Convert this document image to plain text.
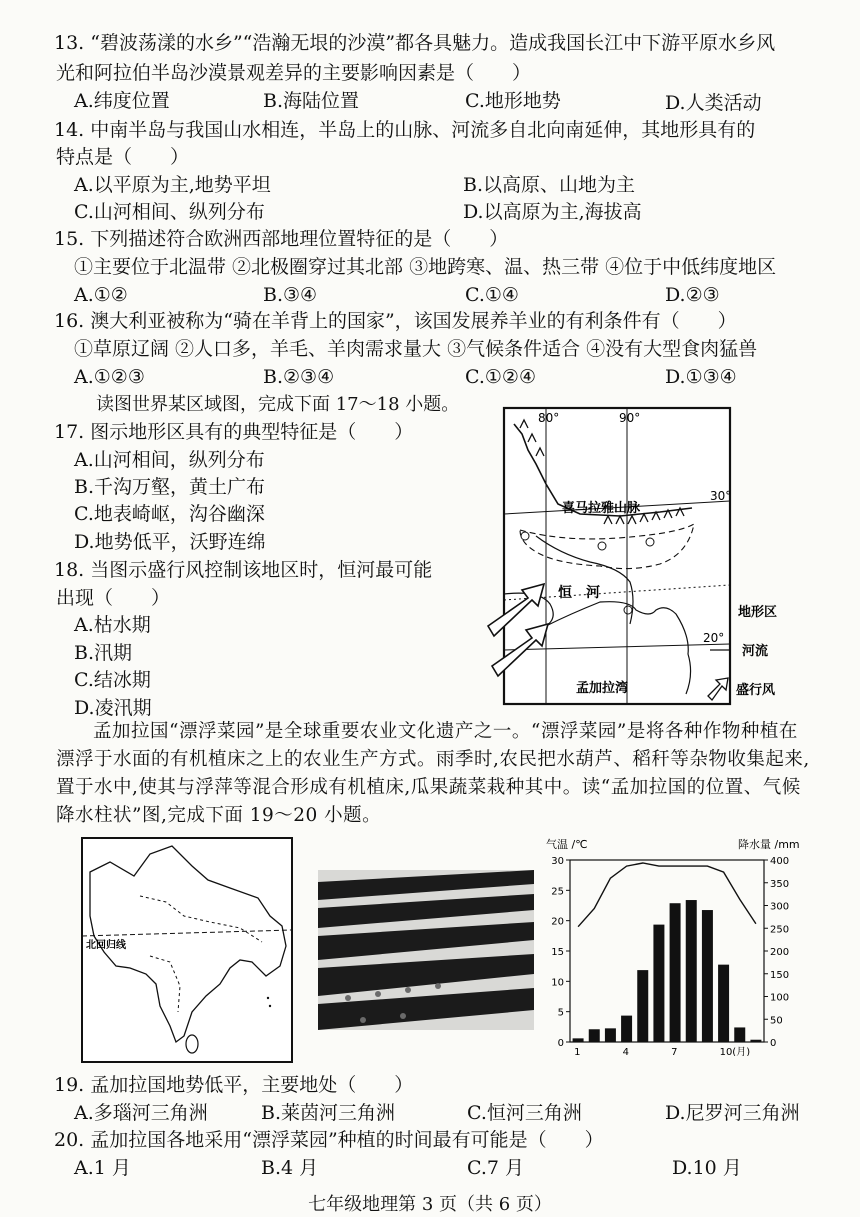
13. “碧波荡漾的水乡”“浩瀚无垠的沙漠”都各具魅力。造成我国长江中下游平原水乡风
光和阿拉伯半岛沙漠景观差异的主要影响因素是（　　）
A.纬度位置	B.海陆位置	C.地形地势	D.人类活动
14. 中南半岛与我国山水相连，半岛上的山脉、河流多自北向南延伸，其地形具有的
特点是（　　）
A.以平原为主,地势平坦	B.以高原、山地为主
C.山河相间、纵列分布	D.以高原为主,海拔高
15. 下列描述符合欧洲西部地理位置特征的是（　　）
①主要位于北温带 ②北极圈穿过其北部 ③地跨寒、温、热三带 ④位于中低纬度地区
A.①②	B.③④	C.①④	D.②③
16. 澳大利亚被称为“骑在羊背上的国家”，该国发展养羊业的有利条件有（　　）
①草原辽阔 ②人口多，羊毛、羊肉需求量大 ③气候条件适合 ④没有大型食肉猛兽
A.①②③	B.②③④	C.①②④	D.①③④
读图世界某区域图，完成下面 17～18 小题。
17. 图示地形区具有的典型特征是（　　）
A.山河相间，纵列分布
B.千沟万壑，黄土广布
C.地表崎岖，沟谷幽深
D.地势低平，沃野连绵
18. 当图示盛行风控制该地区时，恒河最可能
出现（　　）
A.枯水期
B.汛期
C.结冰期
D.凌汛期
80°	90°
30°
20°
喜马拉雅山脉
恒　河
孟加拉湾
地形区
河流
盛行风
孟加拉国“漂浮菜园”是全球重要农业文化遗产之一。“漂浮菜园”是将各种作物种植在漂浮于水面的有机植床之上的农业生产方式。雨季时,农民把水葫芦、稻秆等杂物收集起来,置于水中,使其与浮萍等混合形成有机植床,瓜果蔬菜栽种其中。读“孟加拉国的位置、气候降水柱状”图,完成下面 19～20 小题。
北回归线
气温 /℃	降水量 /mm
0
5
10
15
20
25
30
0
50
100
150
200
250
300
350
400
1	4	7	10(月)
19. 孟加拉国地势低平，主要地处（　　）
A.多瑙河三角洲	B.莱茵河三角洲	C.恒河三角洲	D.尼罗河三角洲
20. 孟加拉国各地采用“漂浮菜园”种植的时间最有可能是（　　）
A.1 月	B.4 月	C.7 月	D.10 月
七年级地理第 3 页（共 6 页）
